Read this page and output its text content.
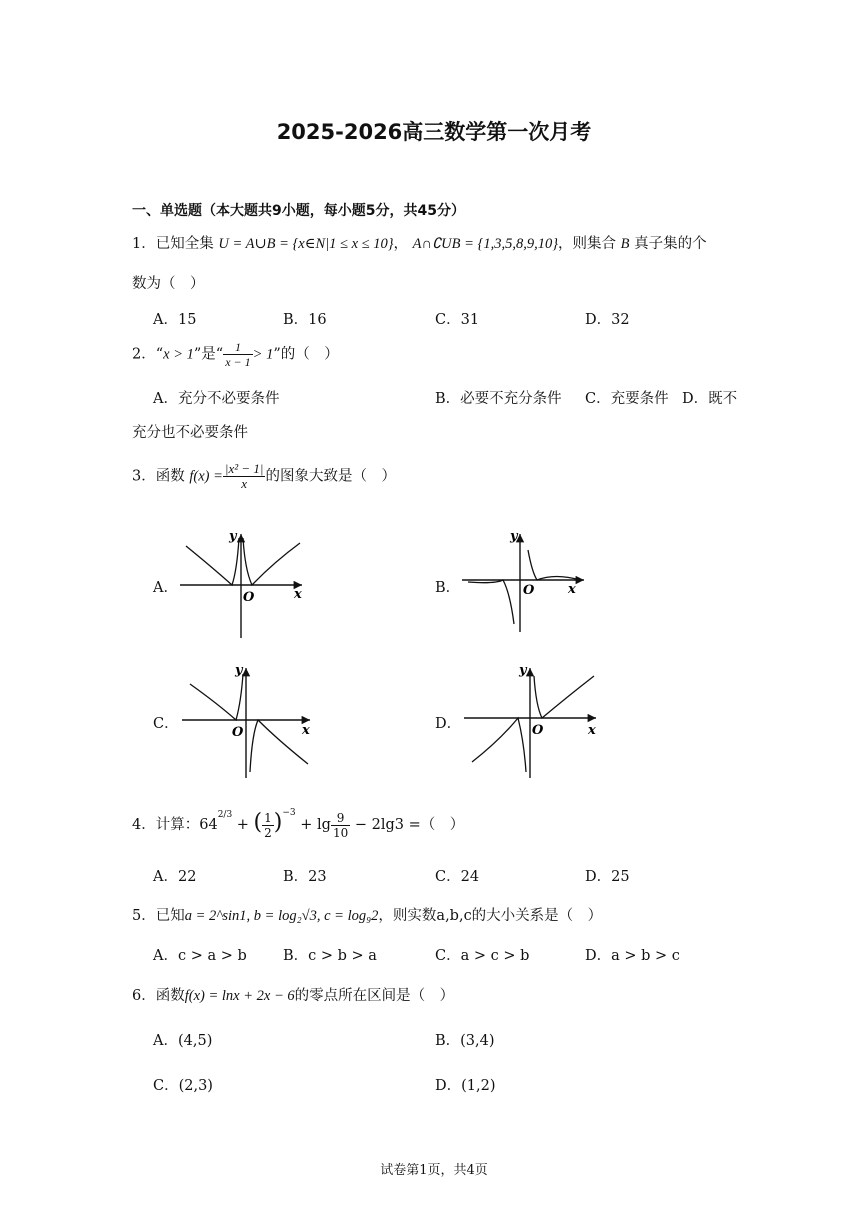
2025-2026高三数学第一次月考
一、单选题（本大题共9小题，每小题5分，共45分）
1．已知全集 U = A∪B = {x∈N|1 ≤ x ≤ 10}， A∩∁UB = {1,3,5,8,9,10}，则集合 B 真子集的个
数为（　）
A．15	B．16	C．31	D．32
2．“x > 1”是“ $\frac{1}{x - 1} > 1$”的（　）
A．充分不必要条件	B．必要不充分条件 C．充要条件 D．既不
充分也不必要条件
3．函数 $f(x) = \frac{\text{|x² − 1|}}{x}$ 的图象大致是（　）
A．	B．
C．	D．
y
O	x
y
O	x
y
O	x
y
O	x
4．计算：$64^{2/3}$ + ( $\frac{1}{2} )^{-3} + \lg \frac{9}{10} - 2\lg 3$ =（　）
A．22	B．23	C．24	D．25
5．已知a = 2^sin1, b = log₂√3, c = log₉2，则实数a,b,c的大小关系是（　）
A．c > a > b B．c > b > a	C．a > c > b	D．a > b > c
6．函数f(x) = lnx + 2x − 6的零点所在区间是（　）
A．(4,5)	B．(3,4)
C．(2,3)	D．(1,2)
试卷第1页，共4页
